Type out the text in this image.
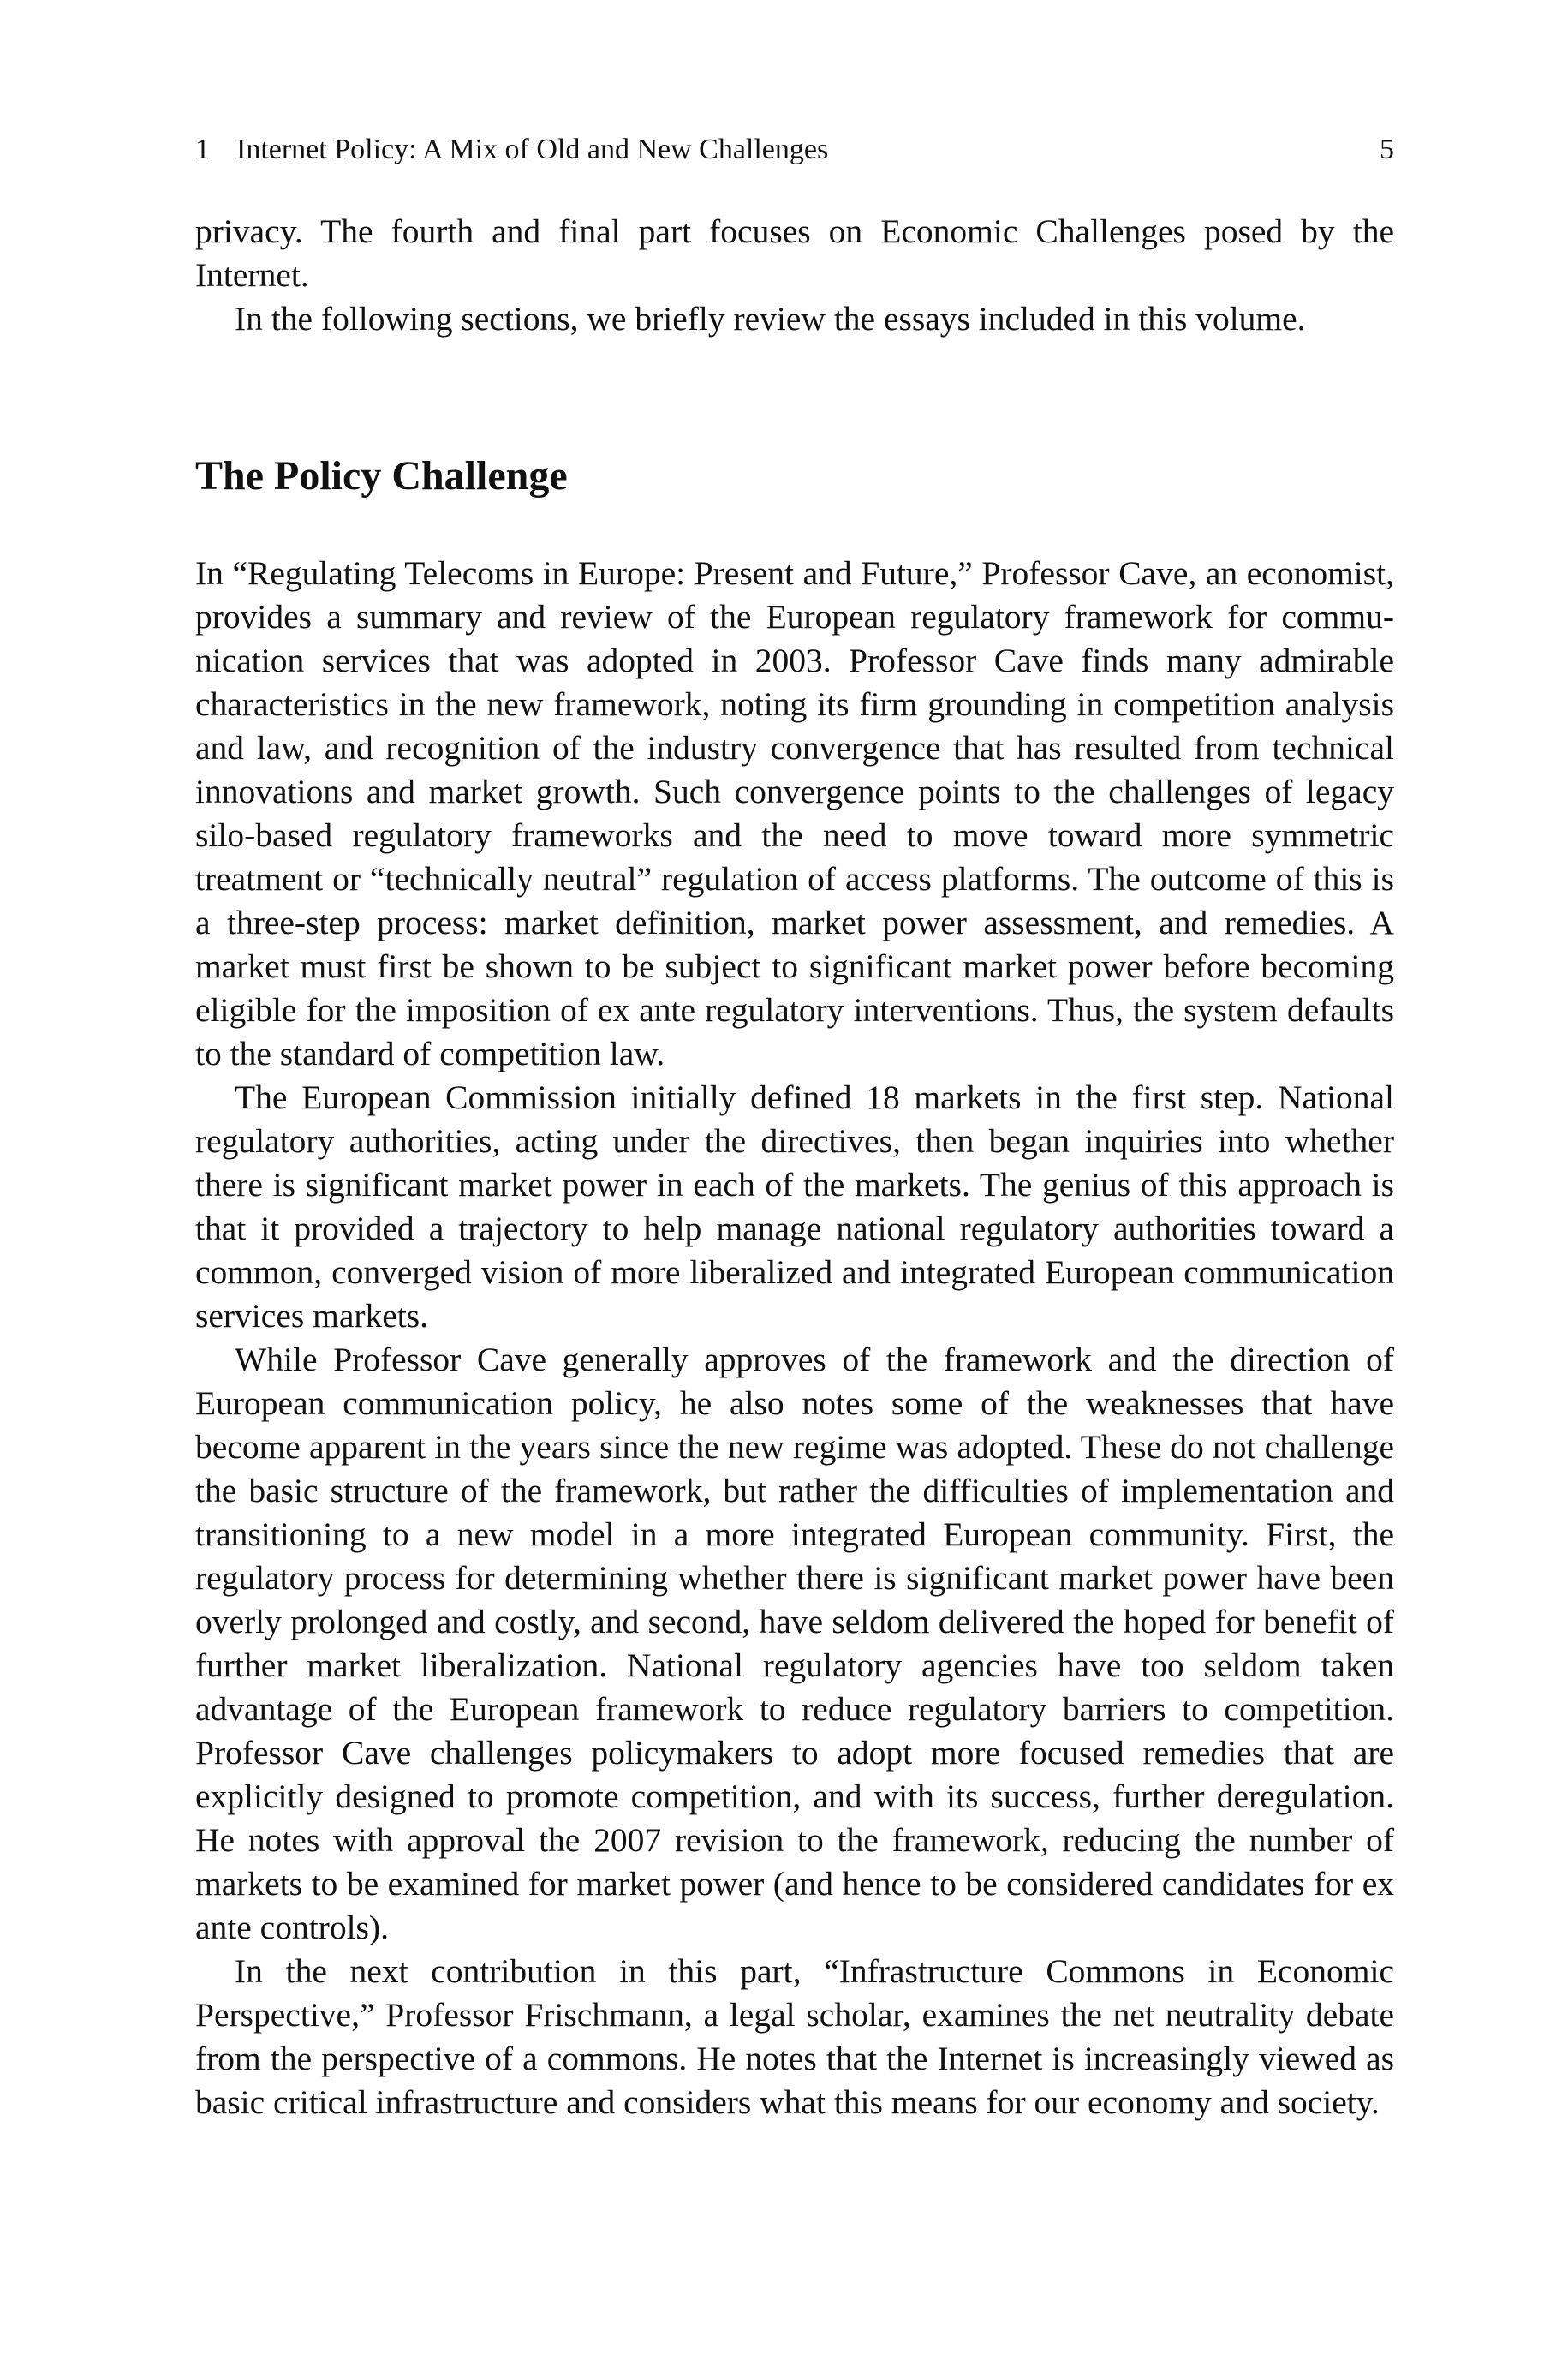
1 Internet Policy: A Mix of Old and New Challenges	5

privacy. The fourth and final part focuses on Economic Challenges posed by the Internet.

In the following sections, we briefly review the essays included in this volume.

The Policy Challenge

In “Regulating Telecoms in Europe: Present and Future,” Professor Cave, an economist, provides a summary and review of the European regulatory framework for communication services that was adopted in 2003. Professor Cave finds many admirable characteristics in the new framework, noting its firm grounding in competition analysis and law, and recognition of the industry convergence that has resulted from technical innovations and market growth. Such convergence points to the challenges of legacy silo-based regulatory frameworks and the need to move toward more symmetric treatment or “technically neutral” regulation of access platforms. The outcome of this is a three-step process: market definition, market power assessment, and remedies. A market must first be shown to be subject to significant market power before becoming eligible for the imposition of ex ante regulatory interventions. Thus, the system defaults to the standard of competition law.

The European Commission initially defined 18 markets in the first step. National regulatory authorities, acting under the directives, then began inquiries into whether there is significant market power in each of the markets. The genius of this approach is that it provided a trajectory to help manage national regulatory authorities toward a common, converged vision of more liberalized and integrated European communication services markets.

While Professor Cave generally approves of the framework and the direction of European communication policy, he also notes some of the weaknesses that have become apparent in the years since the new regime was adopted. These do not challenge the basic structure of the framework, but rather the difficulties of implementation and transitioning to a new model in a more integrated European community. First, the regulatory process for determining whether there is significant market power have been overly prolonged and costly, and second, have seldom delivered the hoped for benefit of further market liberalization. National regulatory agencies have too seldom taken advantage of the European framework to reduce regulatory barriers to competition. Professor Cave challenges policymakers to adopt more focused remedies that are explicitly designed to promote competition, and with its success, further deregulation. He notes with approval the 2007 revision to the framework, reducing the number of markets to be examined for market power (and hence to be considered candidates for ex ante controls).

In the next contribution in this part, “Infrastructure Commons in Economic Perspective,” Professor Frischmann, a legal scholar, examines the net neutrality debate from the perspective of a commons. He notes that the Internet is increasingly viewed as basic critical infrastructure and considers what this means for our economy and society.
